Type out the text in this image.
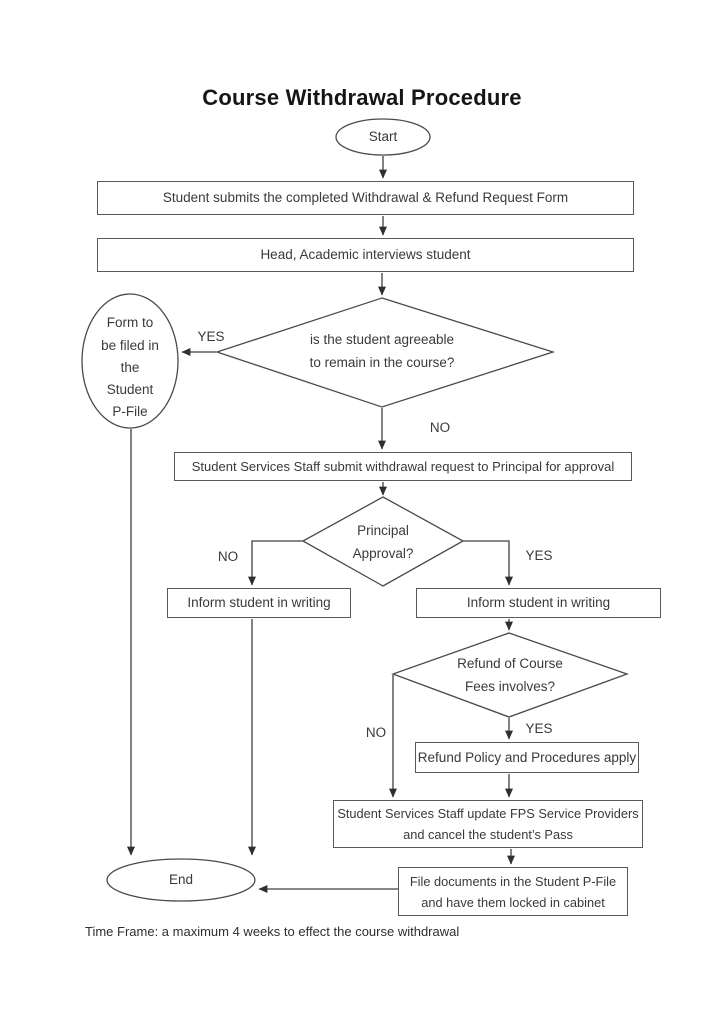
Course Withdrawal Procedure
Start
Student submits the completed Withdrawal & Refund Request Form
Head, Academic interviews student
is the student agreeable
to remain in the course?
Form to
be filed in
the
Student
P-File
YES
NO
Student Services Staff submit withdrawal request to Principal for approval
Principal
Approval?
NO	YES
Inform student in writing	Inform student in writing
Refund of Course
Fees involves?
NO	YES
Refund Policy and Procedures apply
Student Services Staff update FPS Service Providers
and cancel the student’s Pass
File documents in the Student P-File
and have them locked in cabinet
End
Time Frame: a maximum 4 weeks to effect the course withdrawal
